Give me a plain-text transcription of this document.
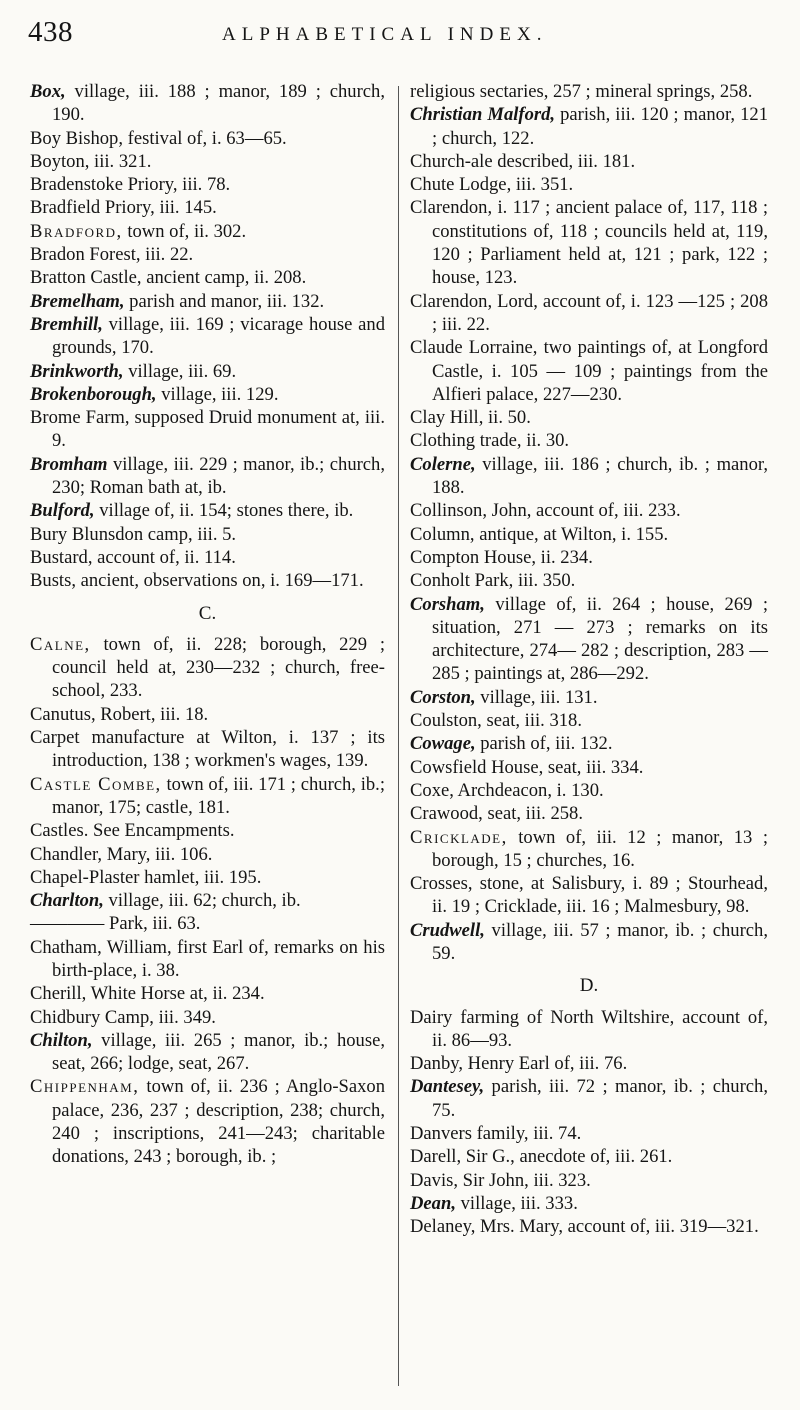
438	ALPHABETICAL INDEX.
Box, village, iii. 188 ; manor, 189 ; church, 190.
Boy Bishop, festival of, i. 63—65.
Boyton, iii. 321.
Bradenstoke Priory, iii. 78.
Bradfield Priory, iii. 145.
Bradford, town of, ii. 302.
Bradon Forest, iii. 22.
Bratton Castle, ancient camp, ii. 208.
Bremelham, parish and manor, iii. 132.
Bremhill, village, iii. 169 ; vicarage house and grounds, 170.
Brinkworth, village, iii. 69.
Brokenborough, village, iii. 129.
Brome Farm, supposed Druid monument at, iii. 9.
Bromham village, iii. 229 ; manor, ib.; church, 230; Roman bath at, ib.
Bulford, village of, ii. 154; stones there, ib.
Bury Blunsdon camp, iii. 5.
Bustard, account of, ii. 114.
Busts, ancient, observations on, i. 169—171.
C.
Calne, town of, ii. 228; borough, 229 ; council held at, 230—232 ; church, free-school, 233.
Canutus, Robert, iii. 18.
Carpet manufacture at Wilton, i. 137 ; its introduction, 138 ; workmen's wages, 139.
Castle Combe, town of, iii. 171 ; church, ib.; manor, 175; castle, 181.
Castles. See Encampments.
Chandler, Mary, iii. 106.
Chapel-Plaster hamlet, iii. 195.
Charlton, village, iii. 62; church, ib.
———— Park, iii. 63.
Chatham, William, first Earl of, remarks on his birth-place, i. 38.
Cherill, White Horse at, ii. 234.
Chidbury Camp, iii. 349.
Chilton, village, iii. 265 ; manor, ib.; house, seat, 266; lodge, seat, 267.
Chippenham, town of, ii. 236 ; Anglo-Saxon palace, 236, 237 ; description, 238; church, 240 ; inscriptions, 241—243; charitable donations, 243 ; borough, ib. ;
religious sectaries, 257 ; mineral springs, 258.
Christian Malford, parish, iii. 120 ; manor, 121 ; church, 122.
Church-ale described, iii. 181.
Chute Lodge, iii. 351.
Clarendon, i. 117 ; ancient palace of, 117, 118 ; constitutions of, 118 ; councils held at, 119, 120 ; Parliament held at, 121 ; park, 122 ; house, 123.
Clarendon, Lord, account of, i. 123 —125 ; 208 ; iii. 22.
Claude Lorraine, two paintings of, at Longford Castle, i. 105 — 109 ; paintings from the Alfieri palace, 227—230.
Clay Hill, ii. 50.
Clothing trade, ii. 30.
Colerne, village, iii. 186 ; church, ib. ; manor, 188.
Collinson, John, account of, iii. 233.
Column, antique, at Wilton, i. 155.
Compton House, ii. 234.
Conholt Park, iii. 350.
Corsham, village of, ii. 264 ; house, 269 ; situation, 271 — 273 ; remarks on its architecture, 274— 282 ; description, 283 — 285 ; paintings at, 286—292.
Corston, village, iii. 131.
Coulston, seat, iii. 318.
Cowage, parish of, iii. 132.
Cowsfield House, seat, iii. 334.
Coxe, Archdeacon, i. 130.
Crawood, seat, iii. 258.
Cricklade, town of, iii. 12 ; manor, 13 ; borough, 15 ; churches, 16.
Crosses, stone, at Salisbury, i. 89 ; Stourhead, ii. 19 ; Cricklade, iii. 16 ; Malmesbury, 98.
Crudwell, village, iii. 57 ; manor, ib. ; church, 59.
D.
Dairy farming of North Wiltshire, account of, ii. 86—93.
Danby, Henry Earl of, iii. 76.
Dantesey, parish, iii. 72 ; manor, ib. ; church, 75.
Danvers family, iii. 74.
Darell, Sir G., anecdote of, iii. 261.
Davis, Sir John, iii. 323.
Dean, village, iii. 333.
Delaney, Mrs. Mary, account of, iii. 319—321.
